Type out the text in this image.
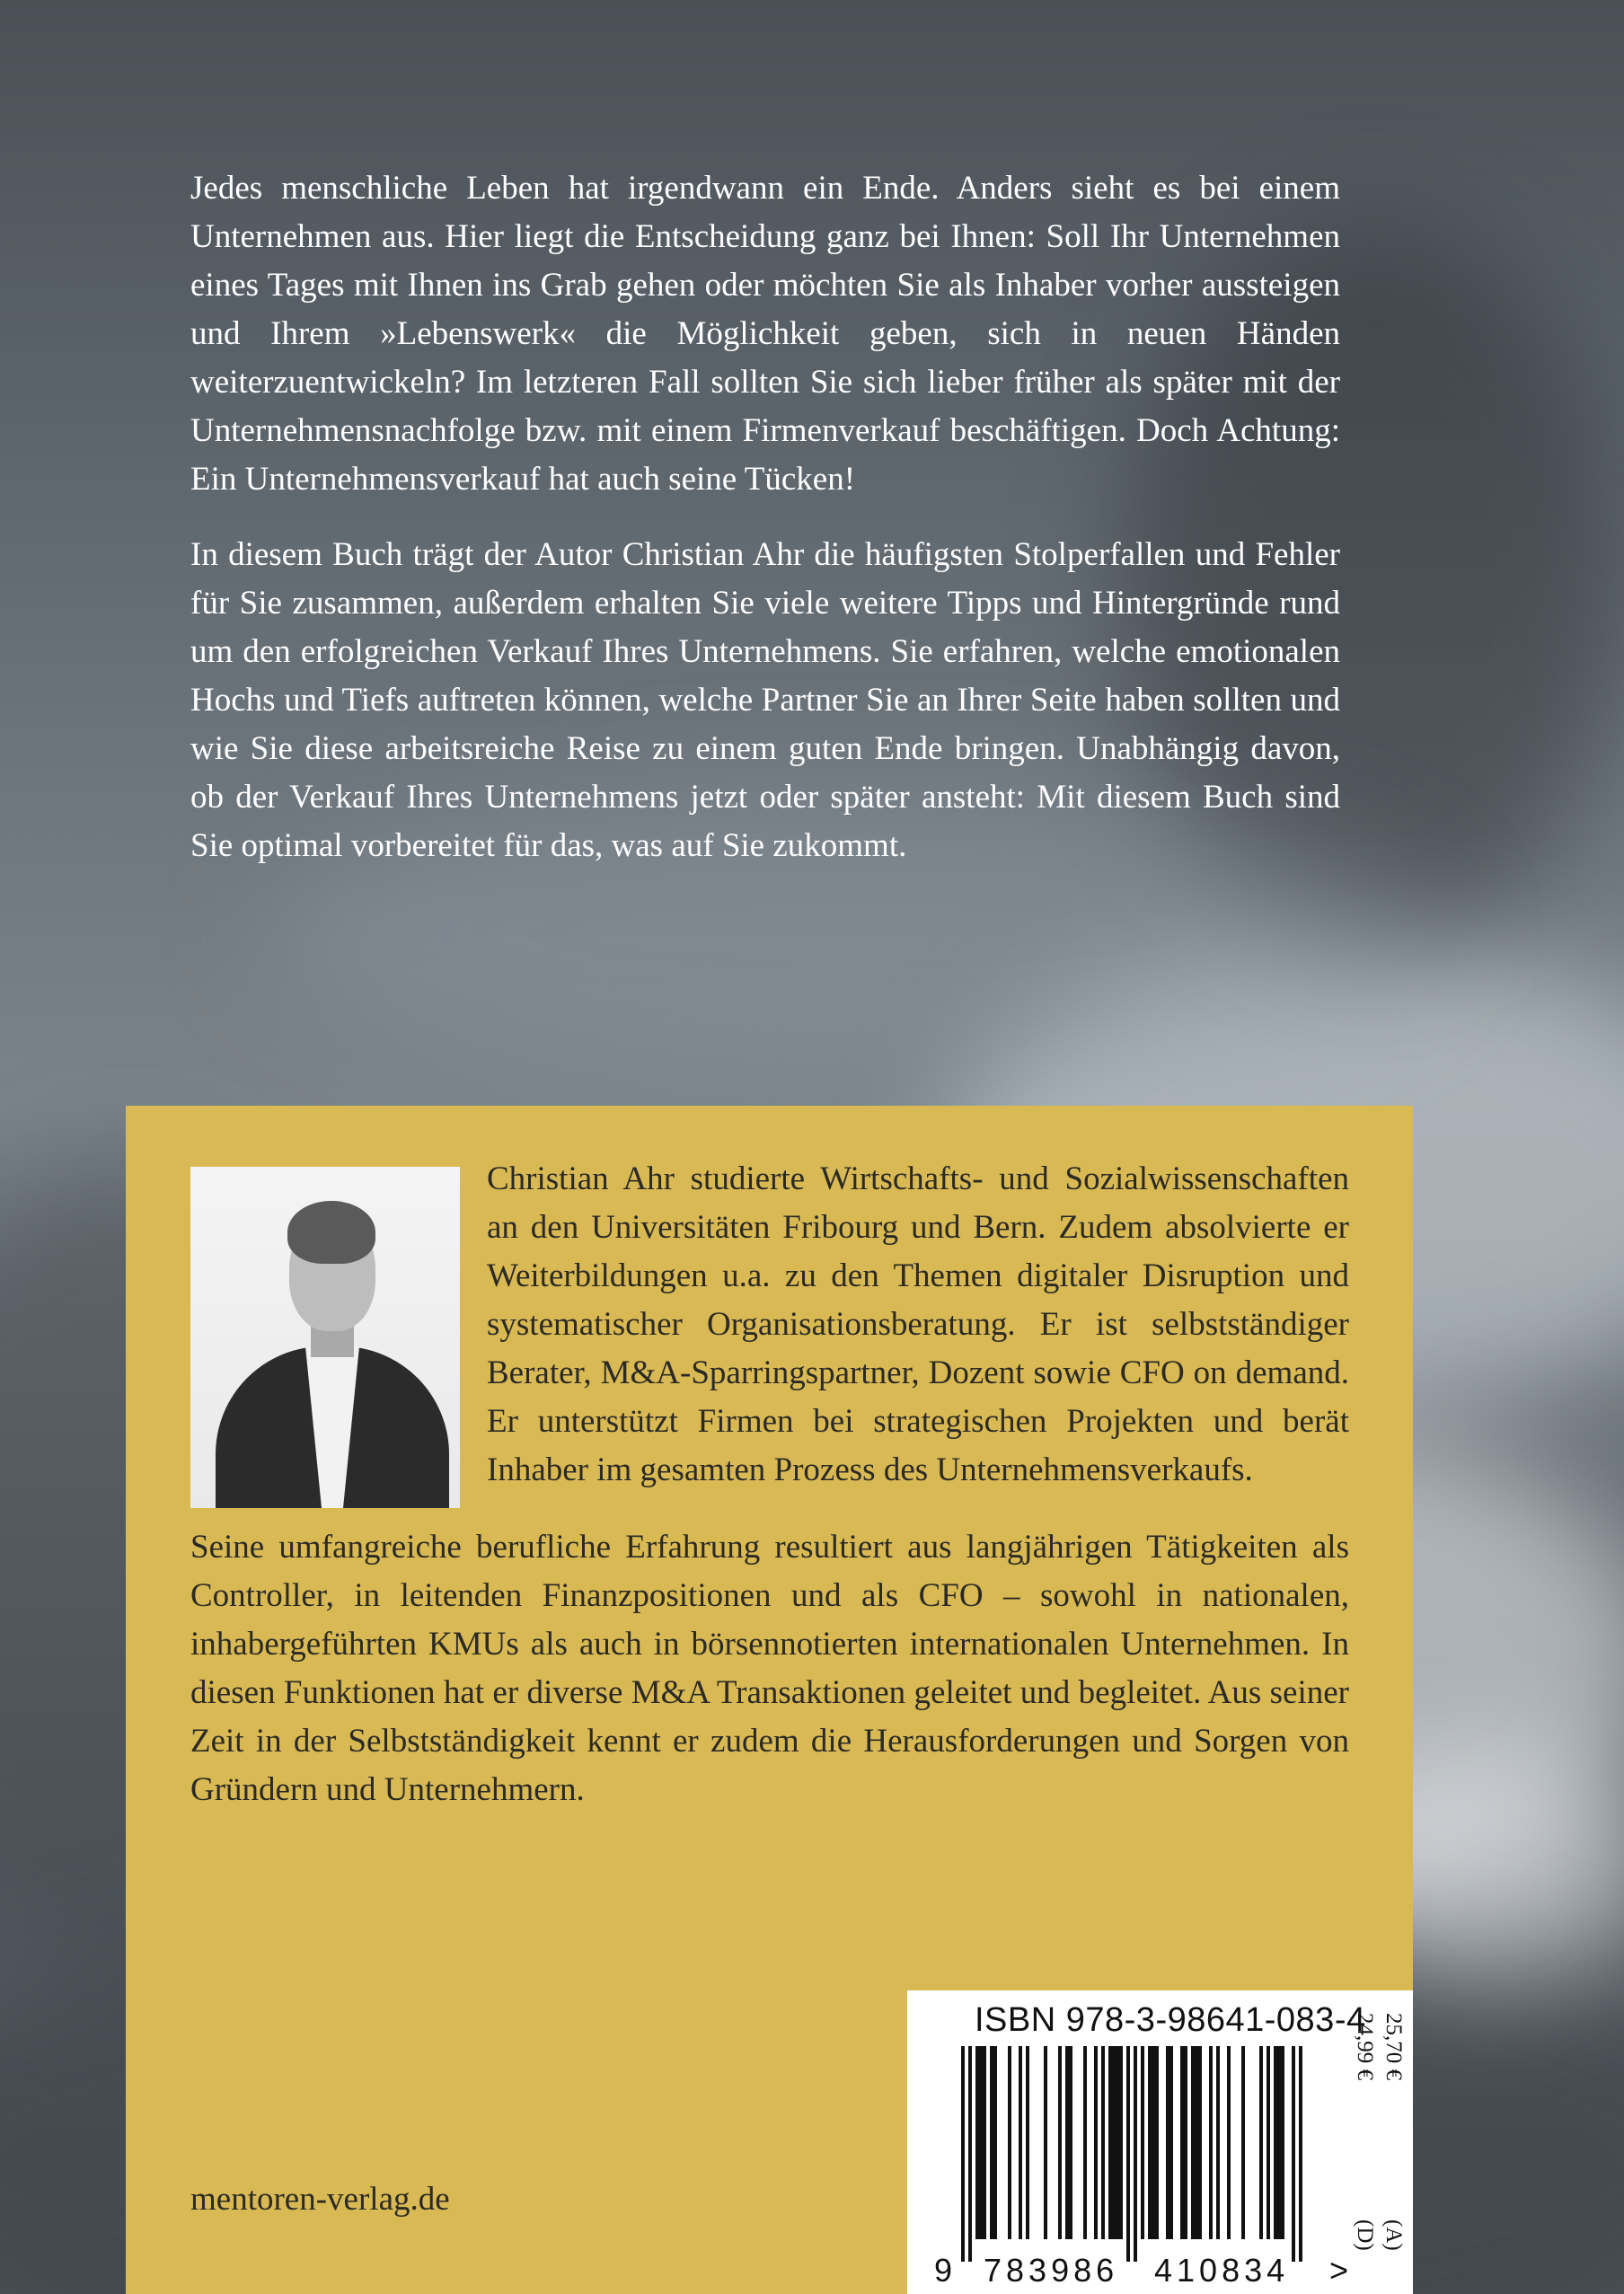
Jedes menschliche Leben hat irgendwann ein Ende. Anders sieht es bei einem Unternehmen aus. Hier liegt die Entscheidung ganz bei Ihnen: Soll Ihr Unternehmen eines Tages mit Ihnen ins Grab gehen oder möchten Sie als Inhaber vorher aussteigen und Ihrem »Lebenswerk« die Möglichkeit geben, sich in neuen Händen weiterzuentwickeln? Im letzteren Fall sollten Sie sich lieber früher als später mit der Unternehmensnachfolge bzw. mit einem Firmenverkauf beschäftigen. Doch Achtung: Ein Unternehmensverkauf hat auch seine Tücken!

In diesem Buch trägt der Autor Christian Ahr die häufigsten Stolperfallen und Fehler für Sie zusammen, außerdem erhalten Sie viele weitere Tipps und Hintergründe rund um den erfolgreichen Verkauf Ihres Unternehmens. Sie erfahren, welche emotionalen Hochs und Tiefs auftreten können, welche Partner Sie an Ihrer Seite haben sollten und wie Sie diese arbeitsreiche Reise zu einem guten Ende bringen. Unabhängig davon, ob der Verkauf Ihres Unternehmens jetzt oder später ansteht: Mit diesem Buch sind Sie optimal vorbereitet für das, was auf Sie zukommt.

Christian Ahr studierte Wirtschafts- und Sozialwissenschaften an den Universitäten Fribourg und Bern. Zudem absolvierte er Weiterbildungen u.a. zu den Themen digitaler Disruption und systematischer Organisationsberatung. Er ist selbstständiger Berater, M&A-Sparringspartner, Dozent sowie CFO on demand. Er unterstützt Firmen bei strategischen Projekten und berät Inhaber im gesamten Prozess des Unternehmensverkaufs.

Seine umfangreiche berufliche Erfahrung resultiert aus langjährigen Tätigkeiten als Controller, in leitenden Finanzpositionen und als CFO – sowohl in nationalen, inhabergeführten KMUs als auch in börsennotierten internationalen Unternehmen. In diesen Funktionen hat er diverse M&A Transaktionen geleitet und begleitet. Aus seiner Zeit in der Selbstständigkeit kennt er zudem die Herausforderungen und Sorgen von Gründern und Unternehmern.

mentoren-verlag.de
ISBN 978-3-98641-083-4
9 783986 410834 >
24,99 € 25,70 €
(D) (A)
